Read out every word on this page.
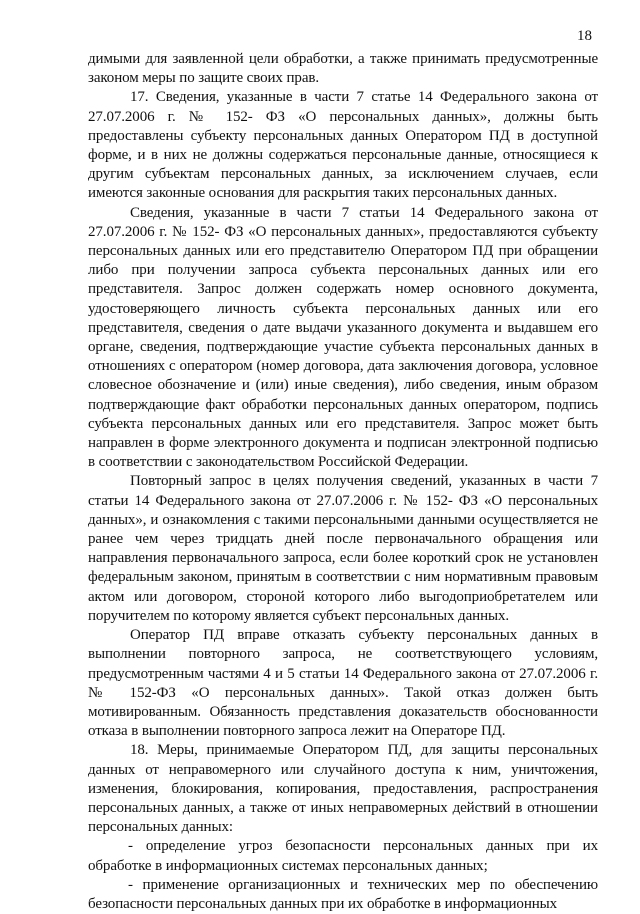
18

димыми для заявленной цели обработки, а также принимать предусмотренные законом меры по защите своих прав.

17. Сведения, указанные в части 7 статье 14 Федерального закона от 27.07.2006 г. № 152- ФЗ «О персональных данных», должны быть предоставлены субъекту персональных данных Оператором ПД в доступной форме, и в них не должны содержаться персональные данные, относящиеся к другим субъектам персональных данных, за исключением случаев, если имеются законные основания для раскрытия таких персональных данных.

Сведения, указанные в части 7 статьи 14 Федерального закона от 27.07.2006 г. № 152- ФЗ «О персональных данных», предоставляются субъекту персональных данных или его представителю Оператором ПД при обращении либо при получении запроса субъекта персональных данных или его представителя. Запрос должен содержать номер основного документа, удостоверяющего личность субъекта персональных данных или его представителя, сведения о дате выдачи указанного документа и выдавшем его органе, сведения, подтверждающие участие субъекта персональных данных в отношениях с оператором (номер договора, дата заключения договора, условное словесное обозначение и (или) иные сведения), либо сведения, иным образом подтверждающие факт обработки персональных данных оператором, подпись субъекта персональных данных или его представителя. Запрос может быть направлен в форме электронного документа и подписан электронной подписью в соответствии с законодательством Российской Федерации.

Повторный запрос в целях получения сведений, указанных в части 7 статьи 14 Федерального закона от 27.07.2006 г. № 152- ФЗ «О персональных данных», и ознакомления с такими персональными данными осуществляется не ранее чем через тридцать дней после первоначального обращения или направления первоначального запроса, если более короткий срок не установлен федеральным законом, принятым в соответствии с ним нормативным правовым актом или договором, стороной которого либо выгодоприобретателем или поручителем по которому является субъект персональных данных.

Оператор ПД вправе отказать субъекту персональных данных в выполнении повторного запроса, не соответствующего условиям, предусмотренным частями 4 и 5 статьи 14 Федерального закона от 27.07.2006 г. № 152-ФЗ «О персональных данных». Такой отказ должен быть мотивированным. Обязанность представления доказательств обоснованности отказа в выполнении повторного запроса лежит на Операторе ПД.

18. Меры, принимаемые Оператором ПД, для защиты персональных данных от неправомерного или случайного доступа к ним, уничтожения, изменения, блокирования, копирования, предоставления, распространения персональных данных, а также от иных неправомерных действий в отношении персональных данных:

- определение угроз безопасности персональных данных при их обработке в информационных системах персональных данных;

- применение организационных и технических мер по обеспечению безопасности персональных данных при их обработке в информационных
